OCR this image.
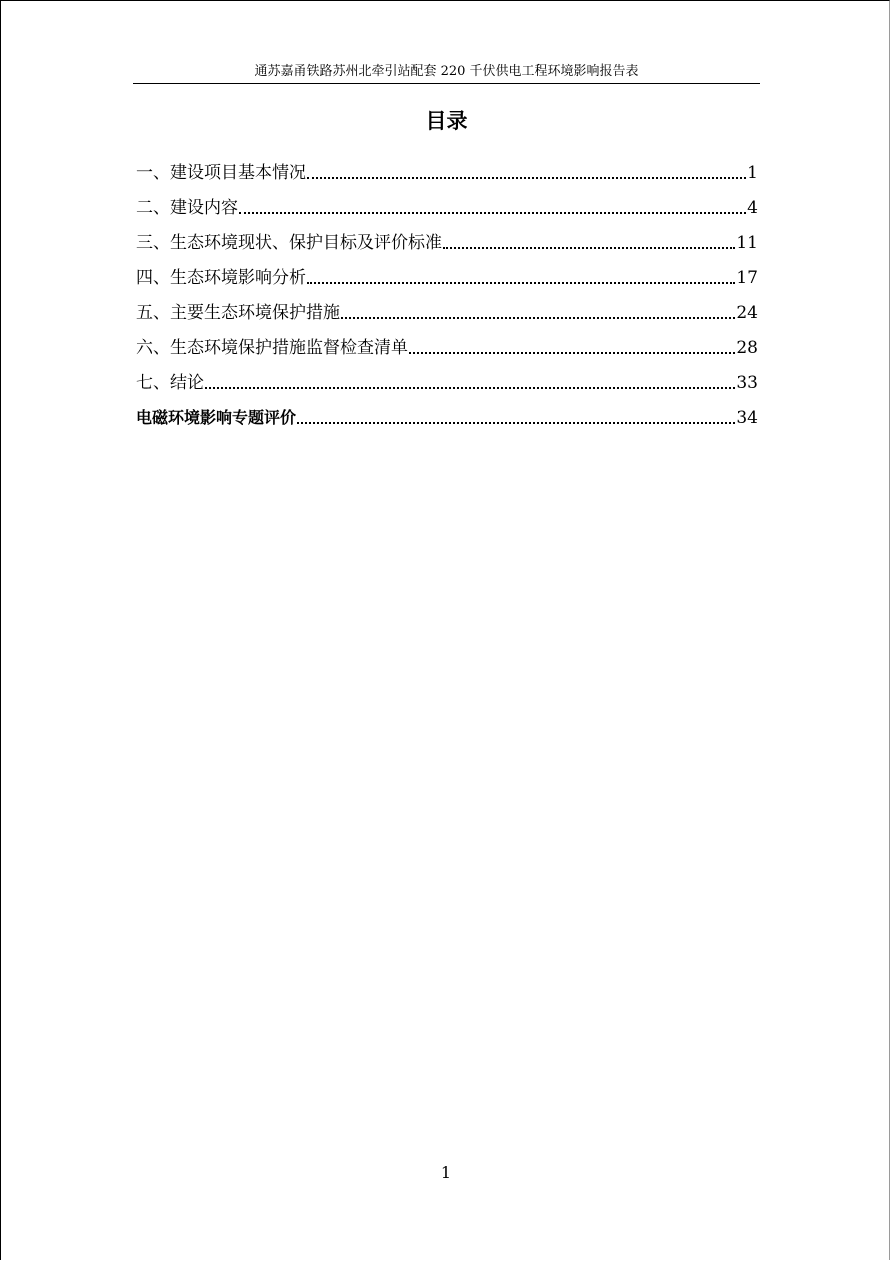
通苏嘉甬铁路苏州北牵引站配套 220 千伏供电工程环境影响报告表
目录
一、建设项目基本情况	1
二、建设内容	4
三、生态环境现状、保护目标及评价标准	11
四、生态环境影响分析	17
五、主要生态环境保护措施	24
六、生态环境保护措施监督检查清单	28
七、结论	33
电磁环境影响专题评价	34
1
